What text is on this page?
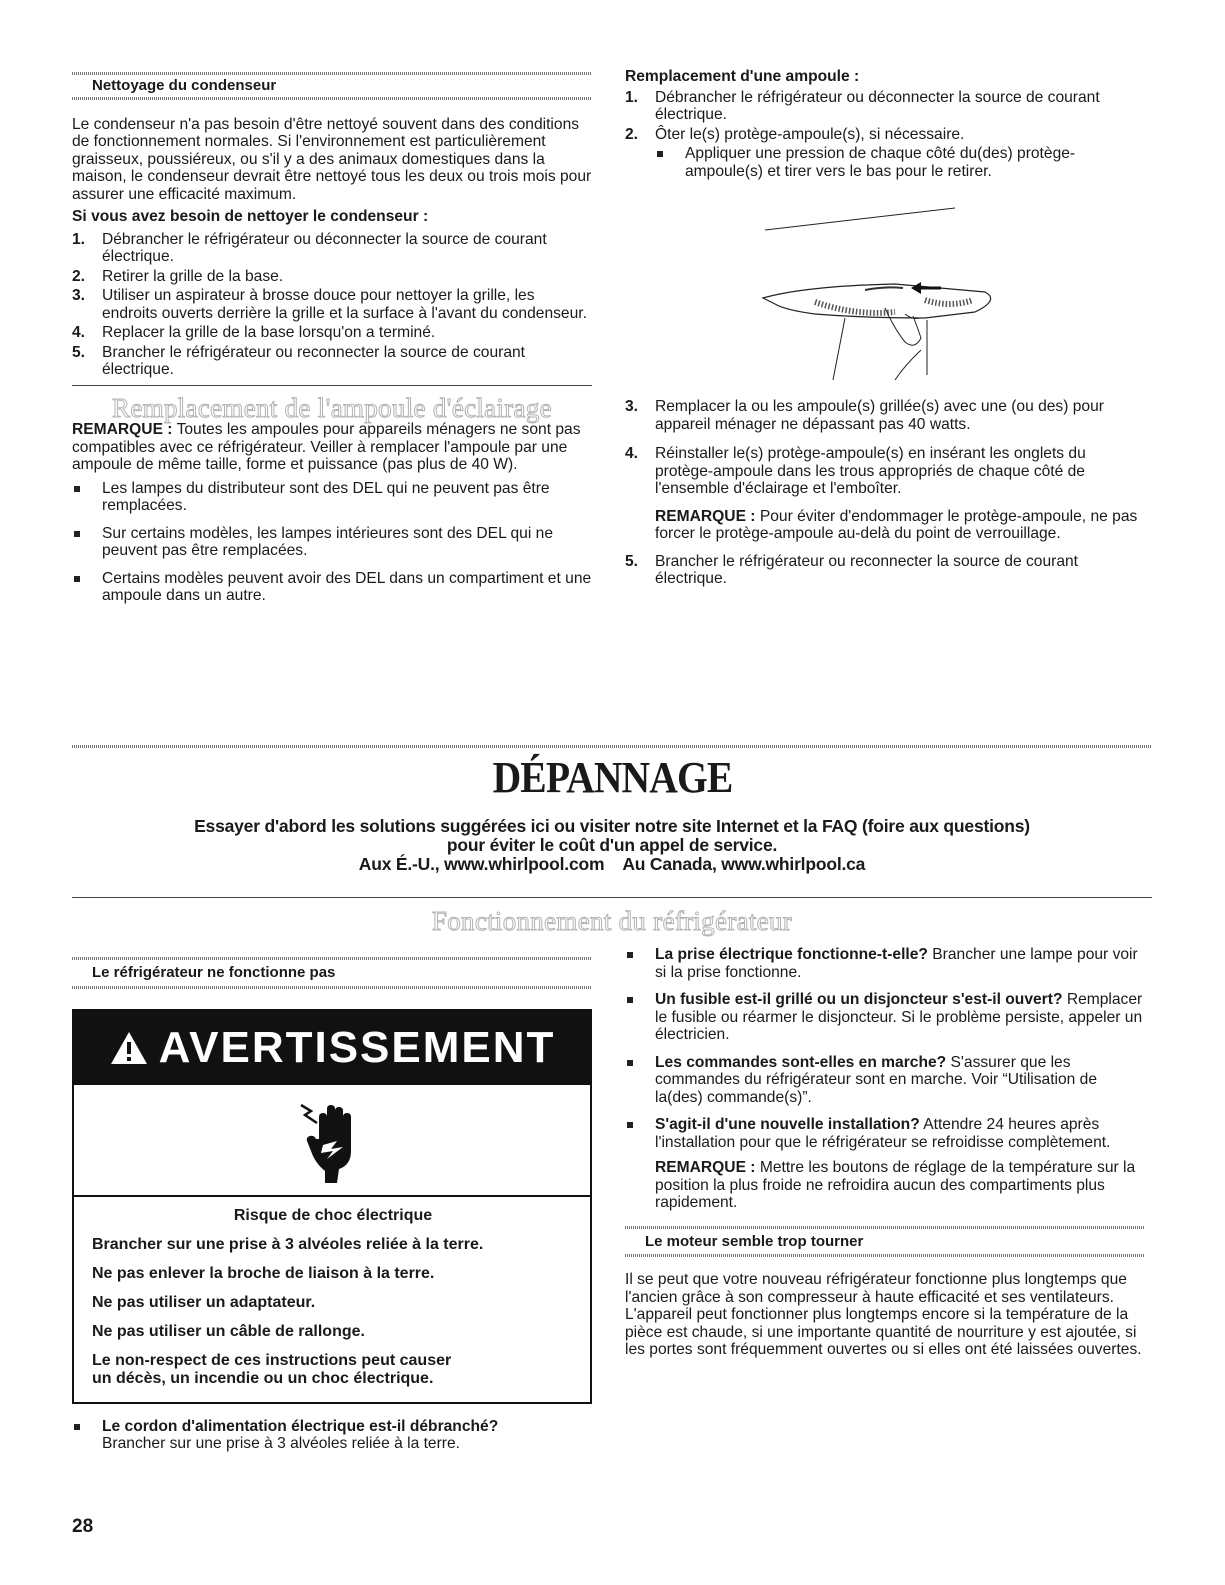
Nettoyage du condenseur

Le condenseur n'a pas besoin d'être nettoyé souvent dans des conditions de fonctionnement normales. Si l'environnement est particulièrement graisseux, poussiéreux, ou s'il y a des animaux domestiques dans la maison, le condenseur devrait être nettoyé tous les deux ou trois mois pour assurer une efficacité maximum.

Si vous avez besoin de nettoyer le condenseur :

1. Débrancher le réfrigérateur ou déconnecter la source de courant électrique.
2. Retirer la grille de la base.
3. Utiliser un aspirateur à brosse douce pour nettoyer la grille, les endroits ouverts derrière la grille et la surface à l'avant du condenseur.
4. Replacer la grille de la base lorsqu'on a terminé.
5. Brancher le réfrigérateur ou reconnecter la source de courant électrique.
Remplacement de l'ampoule d'éclairage

REMARQUE : Toutes les ampoules pour appareils ménagers ne sont pas compatibles avec ce réfrigérateur. Veiller à remplacer l'ampoule par une ampoule de même taille, forme et puissance (pas plus de 40 W).

Les lampes du distributeur sont des DEL qui ne peuvent pas être remplacées.
Sur certains modèles, les lampes intérieures sont des DEL qui ne peuvent pas être remplacées.
Certains modèles peuvent avoir des DEL dans un compartiment et une ampoule dans un autre.

Remplacement d'une ampoule :

1. Débrancher le réfrigérateur ou déconnecter la source de courant électrique.
2. Ôter le(s) protège-ampoule(s), si nécessaire.
Appliquer une pression de chaque côté du(des) protège-ampoule(s) et tirer vers le bas pour le retirer.
3. Remplacer la ou les ampoule(s) grillée(s) avec une (ou des) pour appareil ménager ne dépassant pas 40 watts.
4. Réinstaller le(s) protège-ampoule(s) en insérant les onglets du protège-ampoule dans les trous appropriés de chaque côté de l'ensemble d'éclairage et l'emboîter.

REMARQUE : Pour éviter d'endommager le protège-ampoule, ne pas forcer le protège-ampoule au-delà du point de verrouillage.

5. Brancher le réfrigérateur ou reconnecter la source de courant électrique.
DÉPANNAGE
Essayer d'abord les solutions suggérées ici ou visiter notre site Internet et la FAQ (foire aux questions)
pour éviter le coût d'un appel de service.
Aux É.-U., www.whirlpool.com    Au Canada, www.whirlpool.ca
Fonctionnement du réfrigérateur
Le réfrigérateur ne fonctionne pas
AVERTISSEMENT

Risque de choc électrique

Brancher sur une prise à 3 alvéoles reliée à la terre.

Ne pas enlever la broche de liaison à la terre.

Ne pas utiliser un adaptateur.

Ne pas utiliser un câble de rallonge.

Le non-respect de ces instructions peut causer
un décès, un incendie ou un choc électrique.
Le cordon d'alimentation électrique est-il débranché?
Brancher sur une prise à 3 alvéoles reliée à la terre.
La prise électrique fonctionne-t-elle? Brancher une lampe pour voir si la prise fonctionne.
Un fusible est-il grillé ou un disjoncteur s'est-il ouvert? Remplacer le fusible ou réarmer le disjoncteur. Si le problème persiste, appeler un électricien.
Les commandes sont-elles en marche? S'assurer que les commandes du réfrigérateur sont en marche. Voir “Utilisation de la(des) commande(s)”.
S'agit-il d'une nouvelle installation? Attendre 24 heures après l'installation pour que le réfrigérateur se refroidisse complètement.

REMARQUE : Mettre les boutons de réglage de la température sur la position la plus froide ne refroidira aucun des compartiments plus rapidement.

Le moteur semble trop tourner

Il se peut que votre nouveau réfrigérateur fonctionne plus longtemps que l'ancien grâce à son compresseur à haute efficacité et ses ventilateurs. L'appareil peut fonctionner plus longtemps encore si la température de la pièce est chaude, si une importante quantité de nourriture y est ajoutée, si les portes sont fréquemment ouvertes ou si elles ont été laissées ouvertes.

28
